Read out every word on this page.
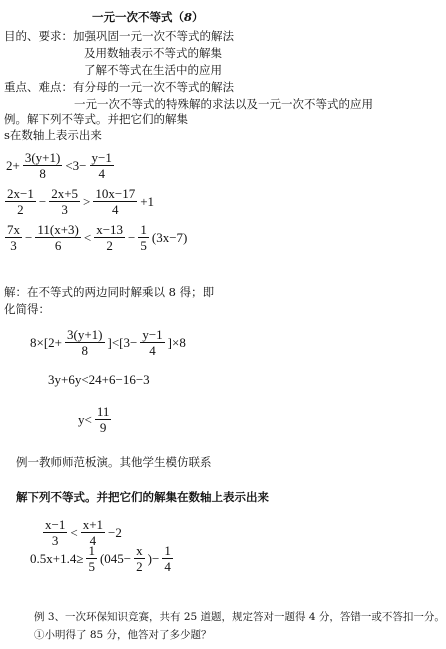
一元一次不等式（8）
目的、要求：加强巩固一元一次不等式的解法
及用数轴表示不等式的解集
了解不等式在生活中的应用
重点、难点：有分母的一元一次不等式的解法
一元一次不等式的特殊解的求法以及一元一次不等式的应用
例。解下列不等式。并把它们的解集
s在数轴上表示出来
$2+ \frac{3(y+1)}{8} <3- \frac{y-1}{4}$
$\frac{2x-1}{2} - \frac{2x+5}{3} > \frac{10x-17}{4} +1$
$\frac{7x}{3} - \frac{11(x+3)}{6} < \frac{x-13}{2} - \frac{1}{5} (3x-7)$
解：在不等式的两边同时解乘以 8 得；即
化简得：
$8\times[2+ \frac{3(y+1)}{8} ]<[3- \frac{y-1}{4} ]\times 8$
3y+6y<24+6−16−3
$y< \frac{11}{9}$
例一教师师范板演。其他学生模仿联系
解下列不等式。并把它们的解集在数轴上表示出来
$\frac{x-1}{3} < \frac{x+1}{4} -2$
$0.5x+1.4\ge \frac{1}{5} (045- \frac{x}{2}$ )− $\frac{1}{4}$
例 3、一次环保知识竞赛，共有 25 道题，规定答对一题得 4 分，答错一或不答扣一分。
①小明得了 85 分，他答对了多少题？
